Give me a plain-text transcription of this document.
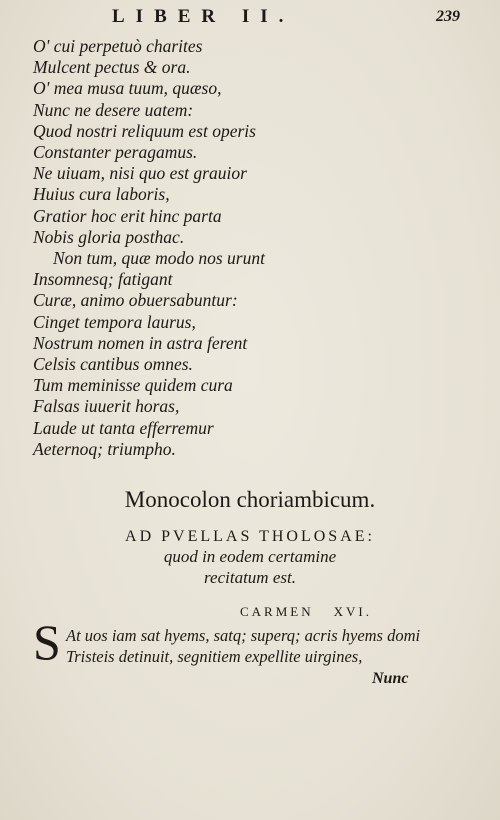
LIBER II.	239
O' cui perpetuò charites
Mulcent pectus & ora.
O' mea musa tuum, quæso,
Nunc ne desere uatem:
Quod nostri reliquum est operis
Constanter peragamus.
Ne uiuam, nisi quo est grauior
Huius cura laboris,
Gratior hoc erit hinc parta
Nobis gloria posthac.
Non tum, quæ modo nos urunt
Insomnesq; fatigant
Curæ, animo obuersabuntur:
Cinget tempora laurus,
Nostrum nomen in astra ferent
Celsis cantibus omnes.
Tum meminisse quidem cura
Falsas iuuerit horas,
Laude ut tanta efferremur
Aeternoq; triumpho.
Monocolon choriambicum.
AD PVELLAS THOLOSAE:
quod in eodem certamine
recitatum est.
CARMEN XVI.
S At uos iam sat hyems, satq; superq; acris hyems domi
Tristeis detinuit, segnitiem expellite uirgines,
Nunc
